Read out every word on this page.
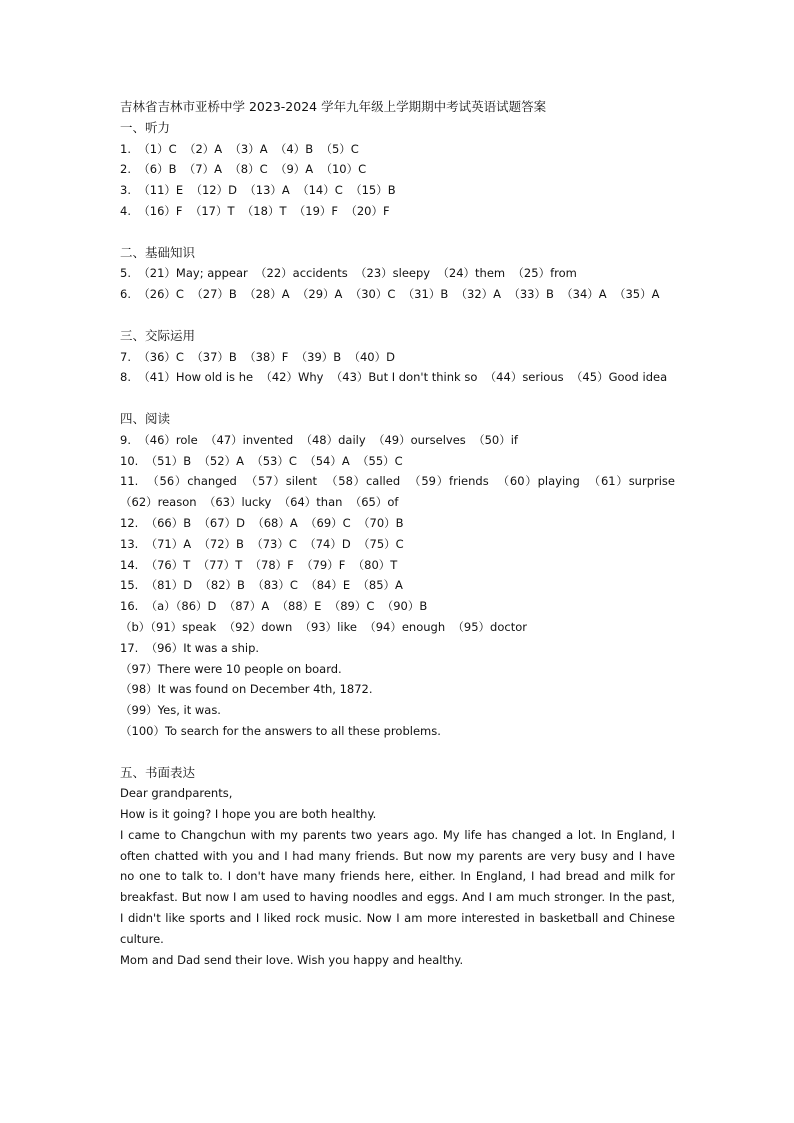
吉林省吉林市亚桥中学 2023-2024 学年九年级上学期期中考试英语试题答案
一、听力
1.  （1）C  （2）A  （3）A  （4）B  （5）C
2.  （6）B  （7）A  （8）C  （9）A  （10）C
3.  （11）E  （12）D  （13）A  （14）C  （15）B
4.  （16）F  （17）T  （18）T  （19）F  （20）F
二、基础知识
5.  （21）May; appear  （22）accidents  （23）sleepy  （24）them  （25）from
6.  （26）C  （27）B  （28）A  （29）A  （30）C  （31）B  （32）A  （33）B  （34）A  （35）A
三、交际运用
7.  （36）C  （37）B  （38）F  （39）B  （40）D
8.  （41）How old is he  （42）Why  （43）But I don't think so  （44）serious  （45）Good idea
四、阅读
9.  （46）role  （47）invented  （48）daily  （49）ourselves  （50）if
10.  （51）B  （52）A  （53）C  （54）A  （55）C
11.  （56）changed  （57）silent  （58）called  （59）friends  （60）playing  （61）surprise  （62）reason  （63）lucky  （64）than  （65）of
12.  （66）B  （67）D  （68）A  （69）C  （70）B
13.  （71）A  （72）B  （73）C  （74）D  （75）C
14.  （76）T  （77）T  （78）F  （79）F  （80）T
15.  （81）D  （82）B  （83）C  （84）E  （85）A
16.  （a）（86）D  （87）A  （88）E  （89）C  （90）B
（b）（91）speak  （92）down  （93）like  （94）enough  （95）doctor
17.  （96）It was a ship.
（97）There were 10 people on board.
（98）It was found on December 4th, 1872.
（99）Yes, it was.
（100）To search for the answers to all these problems.
五、书面表达
Dear grandparents,
How is it going? I hope you are both healthy.
I came to Changchun with my parents two years ago. My life has changed a lot. In England, I often chatted with you and I had many friends. But now my parents are very busy and I have no one to talk to. I don't have many friends here, either. In England, I had bread and milk for breakfast. But now I am used to having noodles and eggs. And I am much stronger. In the past, I didn't like sports and I liked rock music. Now I am more interested in basketball and Chinese culture.
Mom and Dad send their love. Wish you happy and healthy.
